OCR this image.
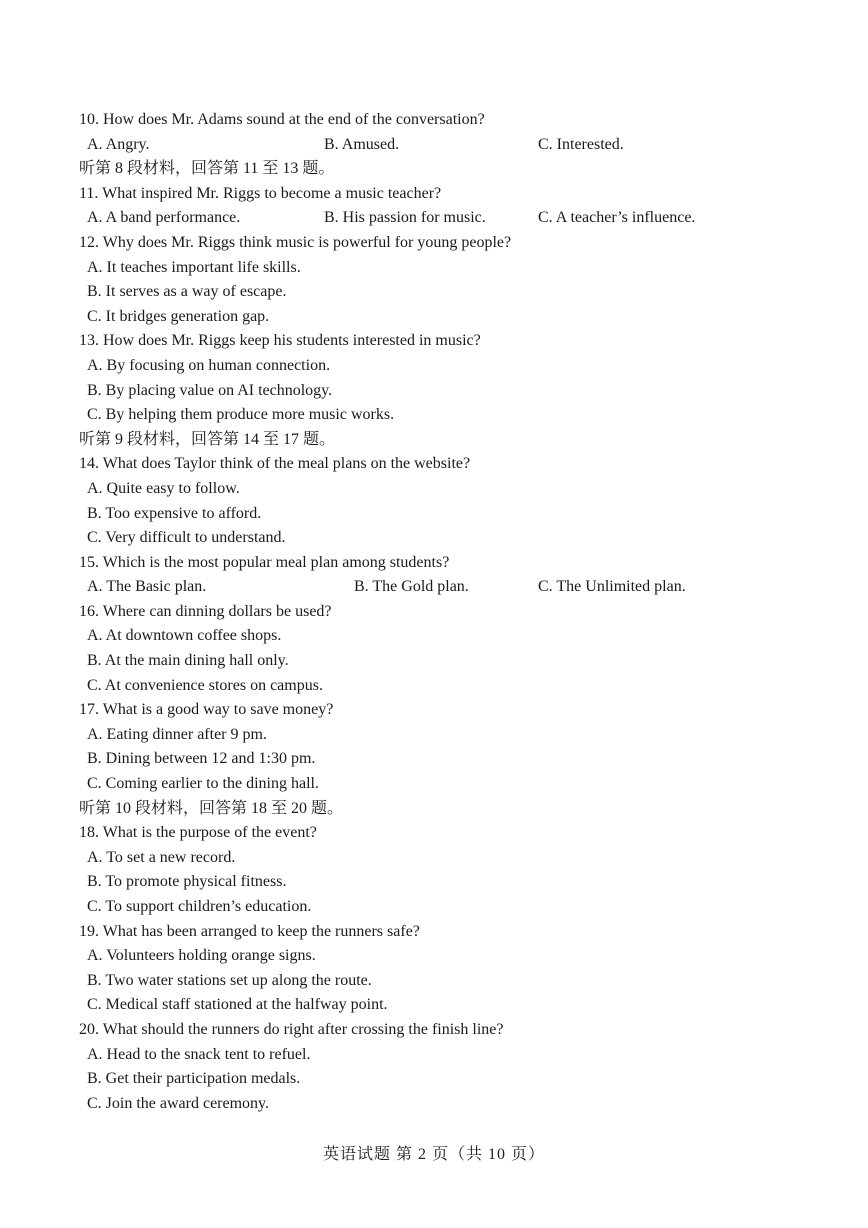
10. How does Mr. Adams sound at the end of the conversation?
A. Angry.	B. Amused.	C. Interested.
听第 8 段材料，回答第 11 至 13 题。
11. What inspired Mr. Riggs to become a music teacher?
A. A band performance.	B. His passion for music.	C. A teacher’s influence.
12. Why does Mr. Riggs think music is powerful for young people?
A. It teaches important life skills.
B. It serves as a way of escape.
C. It bridges generation gap.
13. How does Mr. Riggs keep his students interested in music?
A. By focusing on human connection.
B. By placing value on AI technology.
C. By helping them produce more music works.
听第 9 段材料，回答第 14 至 17 题。
14. What does Taylor think of the meal plans on the website?
A. Quite easy to follow.
B. Too expensive to afford.
C. Very difficult to understand.
15. Which is the most popular meal plan among students?
A. The Basic plan.	B. The Gold plan.	C. The Unlimited plan.
16. Where can dinning dollars be used?
A. At downtown coffee shops.
B. At the main dining hall only.
C. At convenience stores on campus.
17. What is a good way to save money?
A. Eating dinner after 9 pm.
B. Dining between 12 and 1:30 pm.
C. Coming earlier to the dining hall.
听第 10 段材料，回答第 18 至 20 题。
18. What is the purpose of the event?
A. To set a new record.
B. To promote physical fitness.
C. To support children’s education.
19. What has been arranged to keep the runners safe?
A. Volunteers holding orange signs.
B. Two water stations set up along the route.
C. Medical staff stationed at the halfway point.
20. What should the runners do right after crossing the finish line?
A. Head to the snack tent to refuel.
B. Get their participation medals.
C. Join the award ceremony.
英语试题 第 2 页（共 10 页）
